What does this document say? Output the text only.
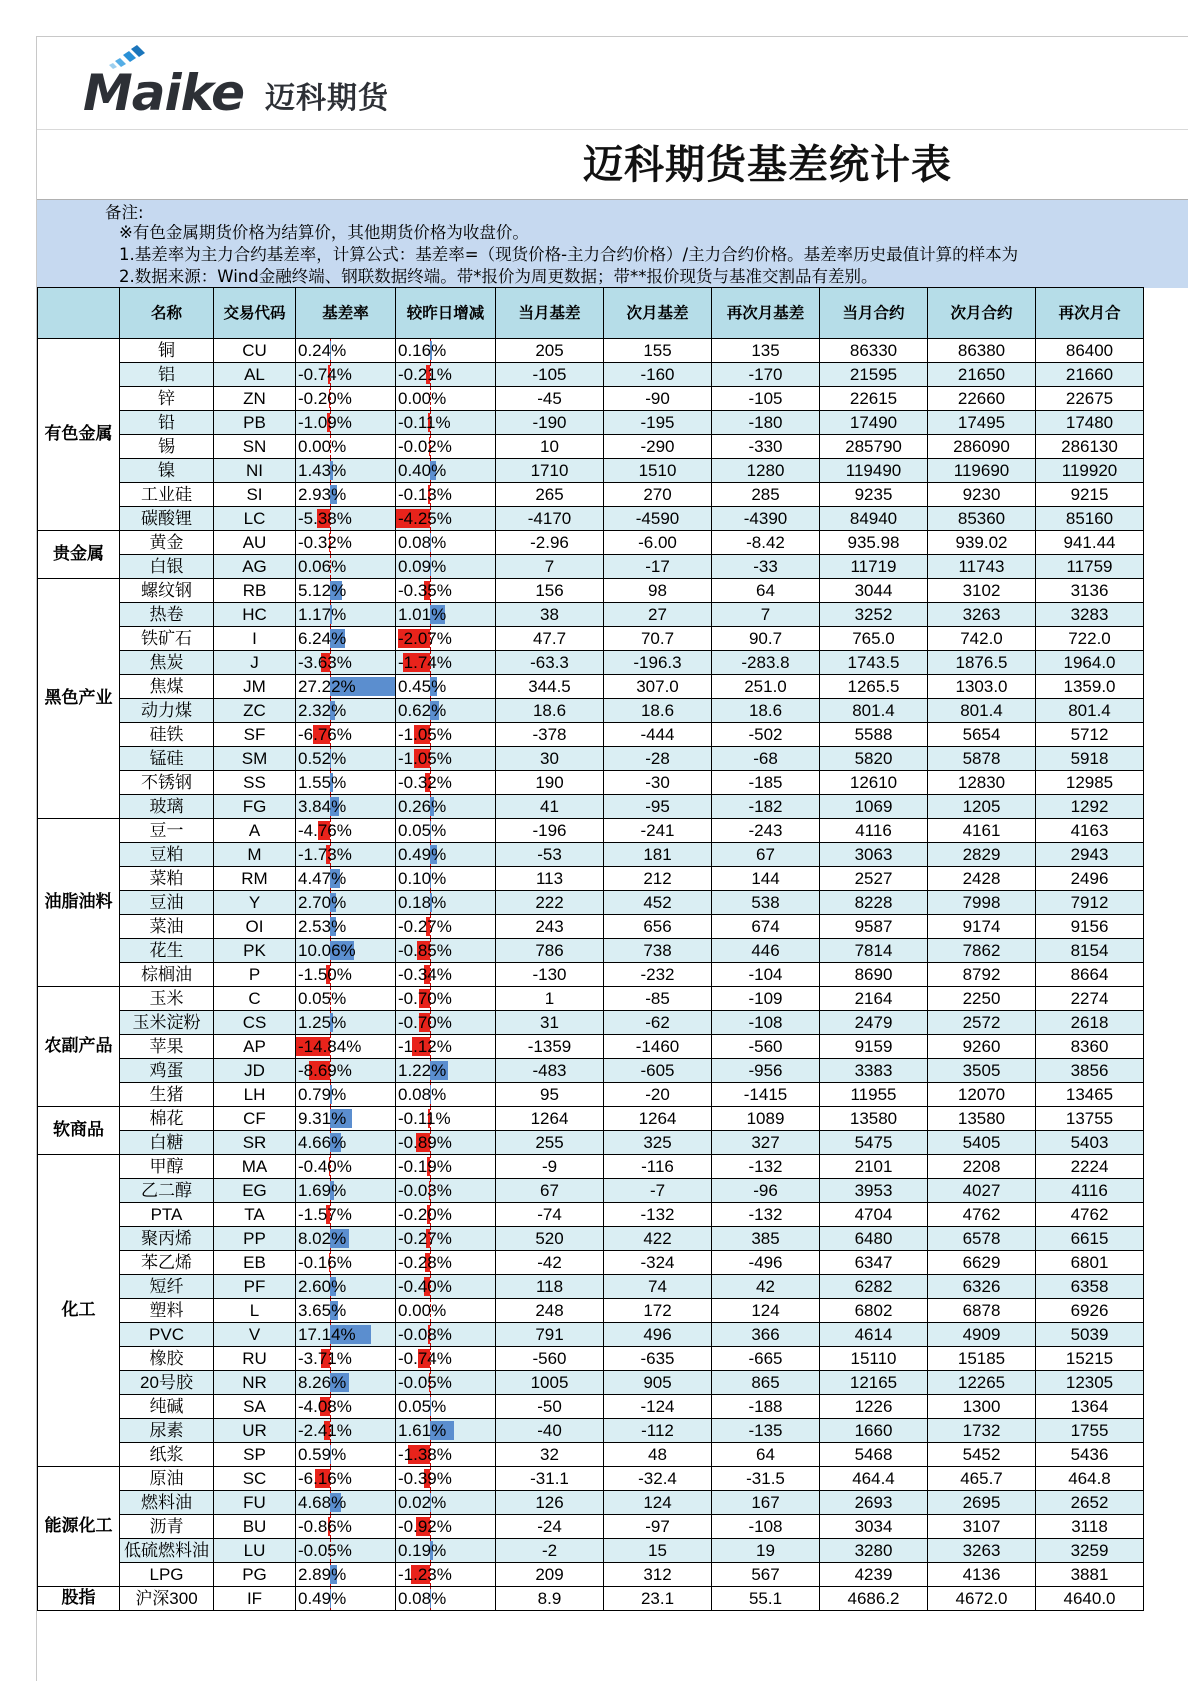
Maike 迈科期货
迈科期货基差统计表
备注:
※有色金属期货价格为结算价，其他期货价格为收盘价。
1.基差率为主力合约基差率，计算公式：基差率=（现货价格-主力合约价格）/主力合约价格。基差率历史最值计算的样本为
2.数据来源：Wind金融终端、钢联数据终端。带*报价为周更数据；带**报价现货与基准交割品有差别。
	名称	交易代码	基差率	较昨日增减	当月基差	次月基差	再次月基差	当月合约	次月合约	再次月合
有色金属	铜	CU	0.24%	0.16%	205	155	135	86330	86380	86400
	铝	AL	-0.74%	-0.21%	-105	-160	-170	21595	21650	21660
	锌	ZN	-0.20%	0.00%	-45	-90	-105	22615	22660	22675
	铅	PB	-1.09%	-0.11%	-190	-195	-180	17490	17495	17480
	锡	SN	0.00%	-0.02%	10	-290	-330	285790	286090	286130
	镍	NI	1.43%	0.40%	1710	1510	1280	119490	119690	119920
	工业硅	SI	2.93%	-0.13%	265	270	285	9235	9230	9215
	碳酸锂	LC	-5.38%	-4.25%	-4170	-4590	-4390	84940	85360	85160
贵金属	黄金	AU	-0.32%	0.08%	-2.96	-6.00	-8.42	935.98	939.02	941.44
	白银	AG	0.06%	0.09%	7	-17	-33	11719	11743	11759
黑色产业	螺纹钢	RB	5.12%	-0.35%	156	98	64	3044	3102	3136
	热卷	HC	1.17%	1.01%	38	27	7	3252	3263	3283
	铁矿石	I	6.24%	-2.07%	47.7	70.7	90.7	765.0	742.0	722.0
	焦炭	J	-3.63%	-1.74%	-63.3	-196.3	-283.8	1743.5	1876.5	1964.0
	焦煤	JM	27.22%	0.45%	344.5	307.0	251.0	1265.5	1303.0	1359.0
	动力煤	ZC	2.32%	0.62%	18.6	18.6	18.6	801.4	801.4	801.4
	硅铁	SF	-6.76%	-1.05%	-378	-444	-502	5588	5654	5712
	锰硅	SM	0.52%	-1.05%	30	-28	-68	5820	5878	5918
	不锈钢	SS	1.55%	-0.32%	190	-30	-185	12610	12830	12985
	玻璃	FG	3.84%	0.26%	41	-95	-182	1069	1205	1292
油脂油料	豆一	A	-4.76%	0.05%	-196	-241	-243	4116	4161	4163
	豆粕	M	-1.73%	0.49%	-53	181	67	3063	2829	2943
	菜粕	RM	4.47%	0.10%	113	212	144	2527	2428	2496
	豆油	Y	2.70%	0.18%	222	452	538	8228	7998	7912
	菜油	OI	2.53%	-0.27%	243	656	674	9587	9174	9156
	花生	PK	10.06%	-0.85%	786	738	446	7814	7862	8154
	棕榈油	P	-1.50%	-0.34%	-130	-232	-104	8690	8792	8664
农副产品	玉米	C	0.05%	-0.70%	1	-85	-109	2164	2250	2274
	玉米淀粉	CS	1.25%	-0.70%	31	-62	-108	2479	2572	2618
	苹果	AP	-14.84%	-1.12%	-1359	-1460	-560	9159	9260	8360
	鸡蛋	JD	-8.69%	1.22%	-483	-605	-956	3383	3505	3856
	生猪	LH	0.79%	0.08%	95	-20	-1415	11955	12070	13465
软商品	棉花	CF	9.31%	-0.11%	1264	1264	1089	13580	13580	13755
	白糖	SR	4.66%	-0.89%	255	325	327	5475	5405	5403
化工	甲醇	MA	-0.40%	-0.19%	-9	-116	-132	2101	2208	2224
	乙二醇	EG	1.69%	-0.03%	67	-7	-96	3953	4027	4116
	PTA	TA	-1.57%	-0.20%	-74	-132	-132	4704	4762	4762
	聚丙烯	PP	8.02%	-0.27%	520	422	385	6480	6578	6615
	苯乙烯	EB	-0.16%	-0.28%	-42	-324	-496	6347	6629	6801
	短纤	PF	2.60%	-0.40%	118	74	42	6282	6326	6358
	塑料	L	3.65%	0.00%	248	172	124	6802	6878	6926
	PVC	V	17.14%	-0.08%	791	496	366	4614	4909	5039
	橡胶	RU	-3.71%	-0.74%	-560	-635	-665	15110	15185	15215
	20号胶	NR	8.26%	-0.05%	1005	905	865	12165	12265	12305
	纯碱	SA	-4.08%	0.05%	-50	-124	-188	1226	1300	1364
	尿素	UR	-2.41%	1.61%	-40	-112	-135	1660	1732	1755
	纸浆	SP	0.59%	-1.38%	32	48	64	5468	5452	5436
能源化工	原油	SC	-6.16%	-0.39%	-31.1	-32.4	-31.5	464.4	465.7	464.8
	燃料油	FU	4.68%	0.02%	126	124	167	2693	2695	2652
	沥青	BU	-0.86%	-0.92%	-24	-97	-108	3034	3107	3118
	低硫燃料油	LU	-0.05%	0.19%	-2	15	19	3280	3263	3259
	LPG	PG	2.89%	-1.23%	209	312	567	4239	4136	3881
股指	沪深300	IF	0.49%	0.08%	8.9	23.1	55.1	4686.2	4672.0	4640.0
